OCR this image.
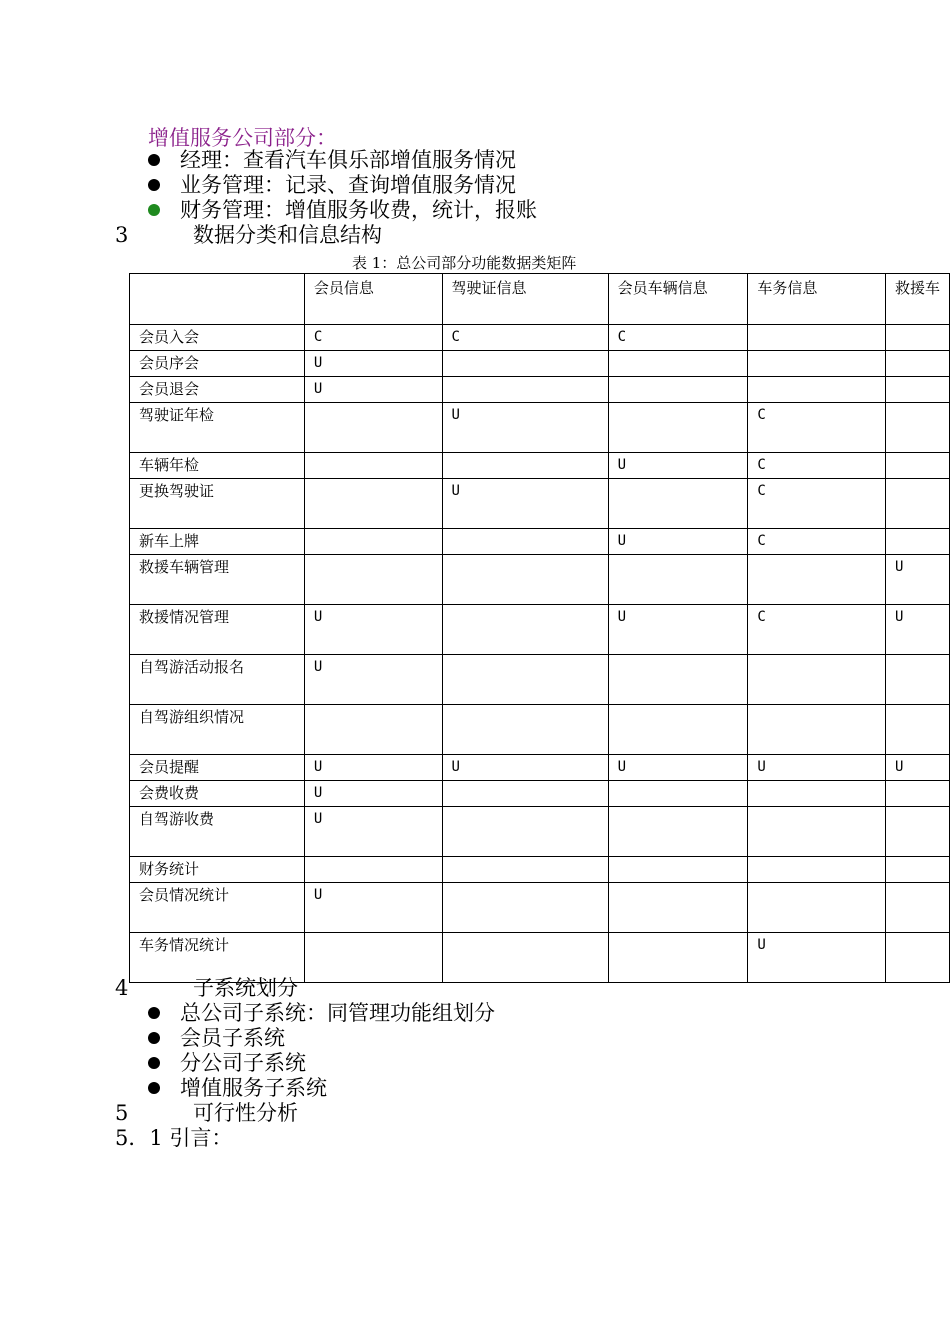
增值服务公司部分：
经理：查看汽车俱乐部增值服务情况
业务管理：记录、查询增值服务情况
财务管理：增值服务收费，统计，报账
3	数据分类和信息结构
表 1：总公司部分功能数据类矩阵
	会员信息	驾驶证信息	会员车辆信息	车务信息	救援车
会员入会	C	C	C		
会员序会	U				
会员退会	U				
驾驶证年检		U		C	
车辆年检			U	C	
更换驾驶证		U		C	
新车上牌			U	C	
救援车辆管理					U
救援情况管理	U		U	C	U
自驾游活动报名	U				
自驾游组织情况					
会员提醒	U	U	U	U	U
会费收费	U				
自驾游收费	U				
财务统计					
会员情况统计	U				
车务情况统计				U	
4	子系统划分
总公司子系统：同管理功能组划分
会员子系统
分公司子系统
增值服务子系统
5	可行性分析
5．1 引言：
